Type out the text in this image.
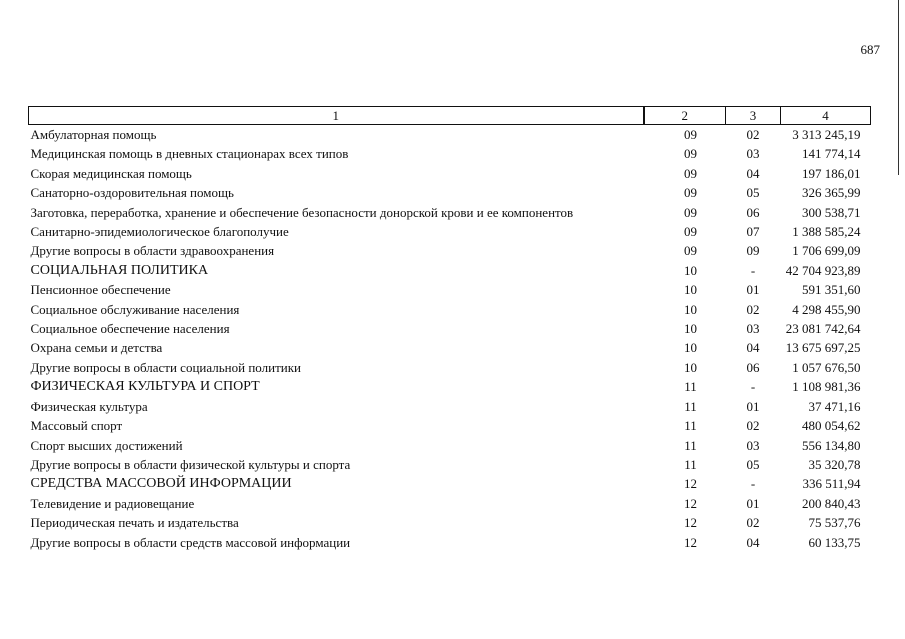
687
1	2	3	4
Амбулаторная помощь	09	02	3 313 245,19
Медицинская помощь в дневных стационарах всех типов	09	03	141 774,14
Скорая медицинская помощь	09	04	197 186,01
Санаторно-оздоровительная помощь	09	05	326 365,99
Заготовка, переработка, хранение и обеспечение безопасности донорской крови и ее компонентов	09	06	300 538,71
Санитарно-эпидемиологическое благополучие	09	07	1 388 585,24
Другие вопросы в области здравоохранения	09	09	1 706 699,09
СОЦИАЛЬНАЯ ПОЛИТИКА	10	-	42 704 923,89
Пенсионное обеспечение	10	01	591 351,60
Социальное обслуживание населения	10	02	4 298 455,90
Социальное обеспечение населения	10	03	23 081 742,64
Охрана семьи и детства	10	04	13 675 697,25
Другие вопросы в области социальной политики	10	06	1 057 676,50
ФИЗИЧЕСКАЯ КУЛЬТУРА И СПОРТ	11	-	1 108 981,36
Физическая культура	11	01	37 471,16
Массовый спорт	11	02	480 054,62
Спорт высших достижений	11	03	556 134,80
Другие вопросы в области физической культуры и спорта	11	05	35 320,78
СРЕДСТВА МАССОВОЙ ИНФОРМАЦИИ	12	-	336 511,94
Телевидение и радиовещание	12	01	200 840,43
Периодическая печать и издательства	12	02	75 537,76
Другие вопросы в области средств массовой информации	12	04	60 133,75
